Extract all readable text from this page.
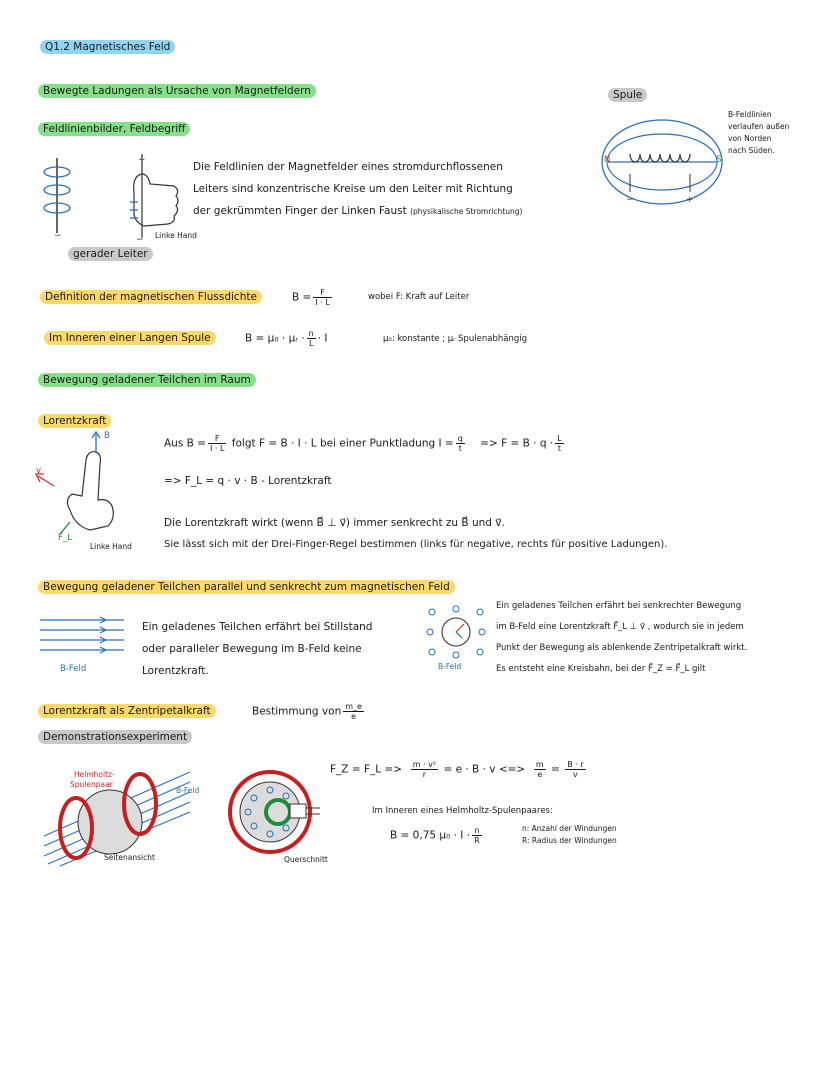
Q1.2 Magnetisches Feld
Bewegte Ladungen als Ursache von Magnetfeldern
Feldlinienbilder, Feldbegriff
−
+
− Linke Hand
gerader Leiter
Die Feldlinien der Magnetfelder eines stromdurchflossenen
Leiters sind konzentrische Kreise um den Leiter mit Richtung
der gekrümmten Finger der Linken Faust (physikalische Stromrichtung)
Spule
−	+
N	S
B-Feldlinien
verlaufen außen
von Norden
nach Süden.
Definition der magnetischen Flussdichte	$B = \frac{F}{I \cdot L}$	wobei F: Kraft auf Leiter
Im Inneren einer Langen Spule	B = μ₀ · μᵣ · $\frac{n}{L} \cdot I$	μ₀: konstante ; μᵣ Spulenabhängig
Bewegung geladener Teilchen im Raum
Lorentzkraft
B
v
F_L
Linke Hand
Aus $B = \frac{F}{I \cdot L}$ folgt F = B · I · L bei einer Punktladung $I = \frac{q}{t} => F = B \cdot q \cdot \frac{L}{t}$
=> F_L = q · v · B - Lorentzkraft
Die Lorentzkraft wirkt (wenn B⃗ ⊥ v⃗) immer senkrecht zu B⃗ und v⃗.
Sie lässt sich mit der Drei-Finger-Regel bestimmen (links für negative, rechts für positive Ladungen).
Bewegung geladener Teilchen parallel und senkrecht zum magnetischen Feld
B-Feld
Ein geladenes Teilchen erfährt bei Stillstand
oder paralleler Bewegung im B-Feld keine
Lorentzkraft.	B-Feld
Ein geladenes Teilchen erfährt bei senkrechter Bewegung
im B-Feld eine Lorentzkraft F⃗_L ⊥ v⃗ , wodurch sie in jedem
Punkt der Bewegung als ablenkende Zentripetalkraft wirkt.
Es entsteht eine Kreisbahn, bei der F⃗_Z = F⃗_L gilt
Lorentzkraft als Zentripetalkraft	Bestimmung von $\frac{m\_e}{e}$
Demonstrationsexperiment
Helmholtz-
Spulenpaar
B-Feld
Seitenansicht	Querschnitt
F_Z = F_L => $\frac{\text{m · v²}}{r} = e \cdot B \cdot v$ <=> $\frac{m}{e} = \frac{B \cdot r}{v}$
Im Inneren eines Helmholtz-Spulenpaares:
B = 0,75 $\mu_0 \cdot I \cdot \frac{n}{R}$	n: Anzahl der Windungen
R: Radius der Windungen
